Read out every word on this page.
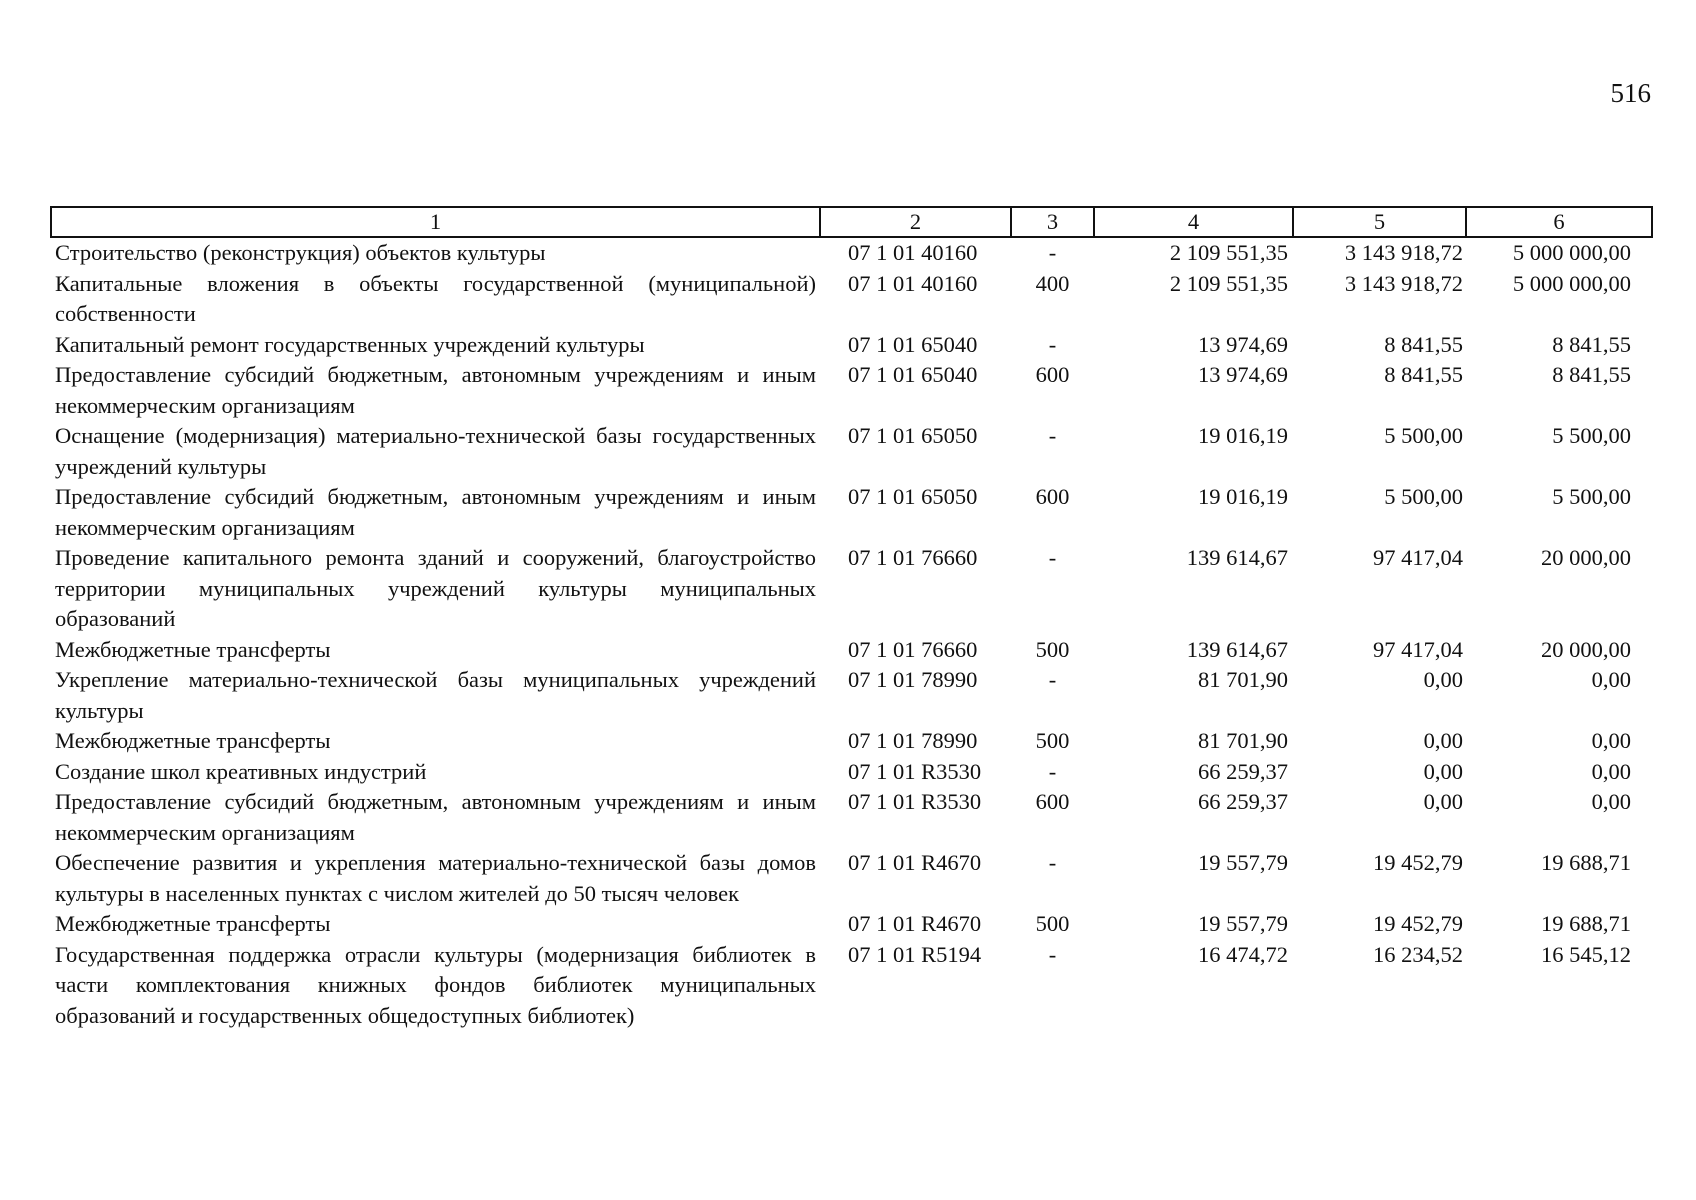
516
1	2	3	4	5	6
Строительство (реконструкция) объектов культуры	07 1 01 40160	-	2 109 551,35	3 143 918,72	5 000 000,00
Капитальные вложения в объекты государственной (муниципальной) собственности	07 1 01 40160	400	2 109 551,35	3 143 918,72	5 000 000,00
Капитальный ремонт государственных учреждений культуры	07 1 01 65040	-	13 974,69	8 841,55	8 841,55
Предоставление субсидий бюджетным, автономным учреждениям и иным некоммерческим организациям	07 1 01 65040	600	13 974,69	8 841,55	8 841,55
Оснащение (модернизация) материально-технической базы государственных учреждений культуры	07 1 01 65050	-	19 016,19	5 500,00	5 500,00
Предоставление субсидий бюджетным, автономным учреждениям и иным некоммерческим организациям	07 1 01 65050	600	19 016,19	5 500,00	5 500,00
Проведение капитального ремонта зданий и сооружений, благоустройство территории муниципальных учреждений культуры муниципальных образований	07 1 01 76660	-	139 614,67	97 417,04	20 000,00
Межбюджетные трансферты	07 1 01 76660	500	139 614,67	97 417,04	20 000,00
Укрепление материально-технической базы муниципальных учреждений культуры	07 1 01 78990	-	81 701,90	0,00	0,00
Межбюджетные трансферты	07 1 01 78990	500	81 701,90	0,00	0,00
Создание школ креативных индустрий	07 1 01 R3530	-	66 259,37	0,00	0,00
Предоставление субсидий бюджетным, автономным учреждениям и иным некоммерческим организациям	07 1 01 R3530	600	66 259,37	0,00	0,00
Обеспечение развития и укрепления материально-технической базы домов культуры в населенных пунктах с числом жителей до 50 тысяч человек	07 1 01 R4670	-	19 557,79	19 452,79	19 688,71
Межбюджетные трансферты	07 1 01 R4670	500	19 557,79	19 452,79	19 688,71
Государственная поддержка отрасли культуры (модернизация библиотек в части комплектования книжных фондов библиотек муниципальных образований и государственных общедоступных библиотек)	07 1 01 R5194	-	16 474,72	16 234,52	16 545,12
